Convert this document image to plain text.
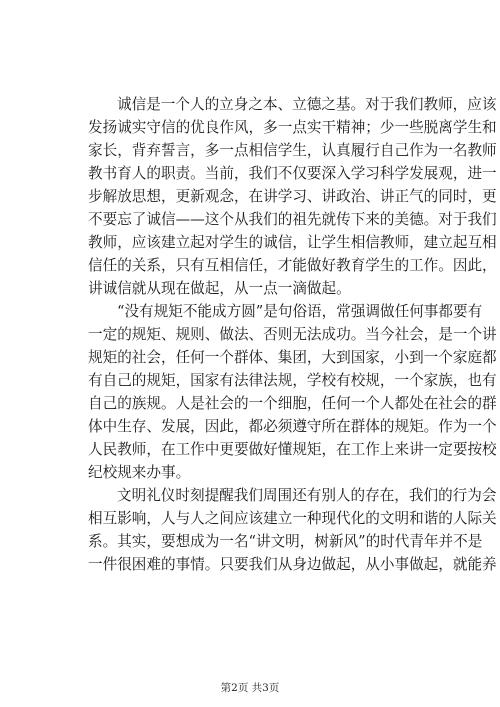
诚信是一个人的立身之本、立德之基。对于我们教师，应该
发扬诚实守信的优良作风，多一点实干精神；少一些脱离学生和
家长，背弃誓言，多一点相信学生，认真履行自己作为一名教师
教书育人的职责。当前，我们不仅要深入学习科学发展观，进一
步解放思想，更新观念，在讲学习、讲政治、讲正气的同时，更
不要忘了诚信——这个从我们的祖先就传下来的美德。对于我们
教师，应该建立起对学生的诚信，让学生相信教师，建立起互相
信任的关系，只有互相信任，才能做好教育学生的工作。因此，
讲诚信就从现在做起，从一点一滴做起。
“没有规矩不能成方圆”是句俗语，常强调做任何事都要有
一定的规矩、规则、做法、否则无法成功。当今社会，是一个讲
规矩的社会，任何一个群体、集团，大到国家，小到一个家庭都
有自己的规矩，国家有法律法规，学校有校规，一个家族，也有
自己的族规。人是社会的一个细胞，任何一个人都处在社会的群
体中生存、发展，因此，都必须遵守所在群体的规矩。作为一个
人民教师，在工作中更要做好懂规矩，在工作上来讲一定要按校
纪校规来办事。
文明礼仪时刻提醒我们周围还有别人的存在，我们的行为会
相互影响，人与人之间应该建立一种现代化的文明和谐的人际关
系。其实，要想成为一名“讲文明，树新风”的时代青年并不是
一件很困难的事情。只要我们从身边做起，从小事做起，就能养
第2页 共3页
